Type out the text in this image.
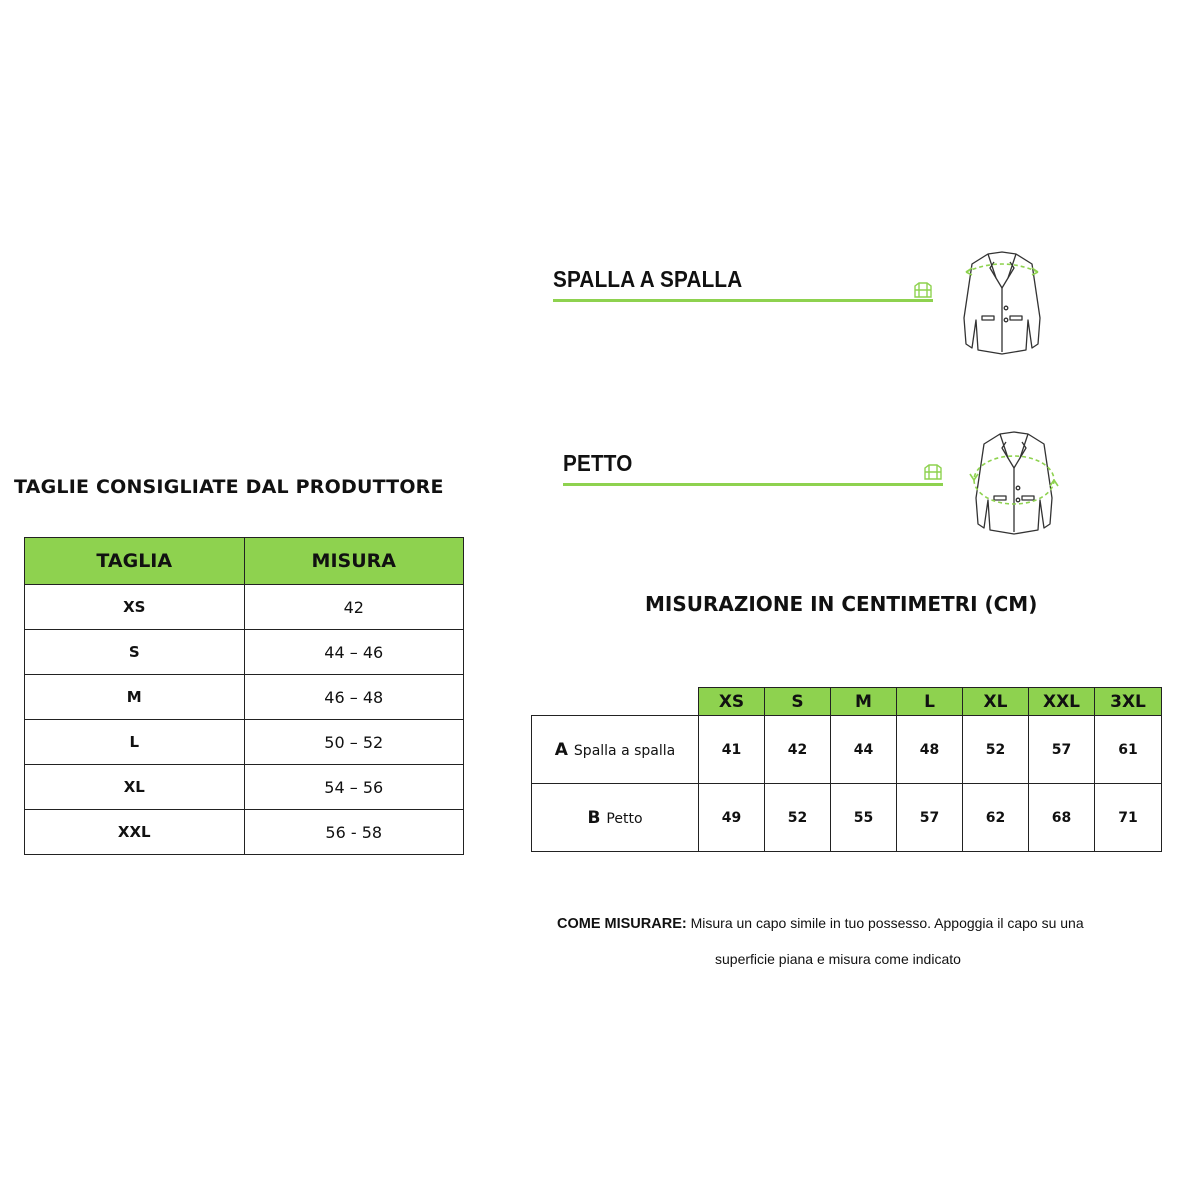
TAGLIE CONSIGLIATE DAL PRODUTTORE
TAGLIA	MISURA
XS	42
S	44 – 46
M	46 – 48
L	50 – 52
XL	54 – 56
XXL	56 - 58
SPALLA A SPALLA
PETTO
MISURAZIONE IN CENTIMETRI (CM)
	XS	S	M	L	XL	XXL	3XL
A Spalla a spalla	41	42	44	48	52	57	61
B Petto	49	52	55	57	62	68	71
COME MISURARE: Misura un capo simile in tuo possesso. Appoggia il capo su una
superficie piana e misura come indicato
